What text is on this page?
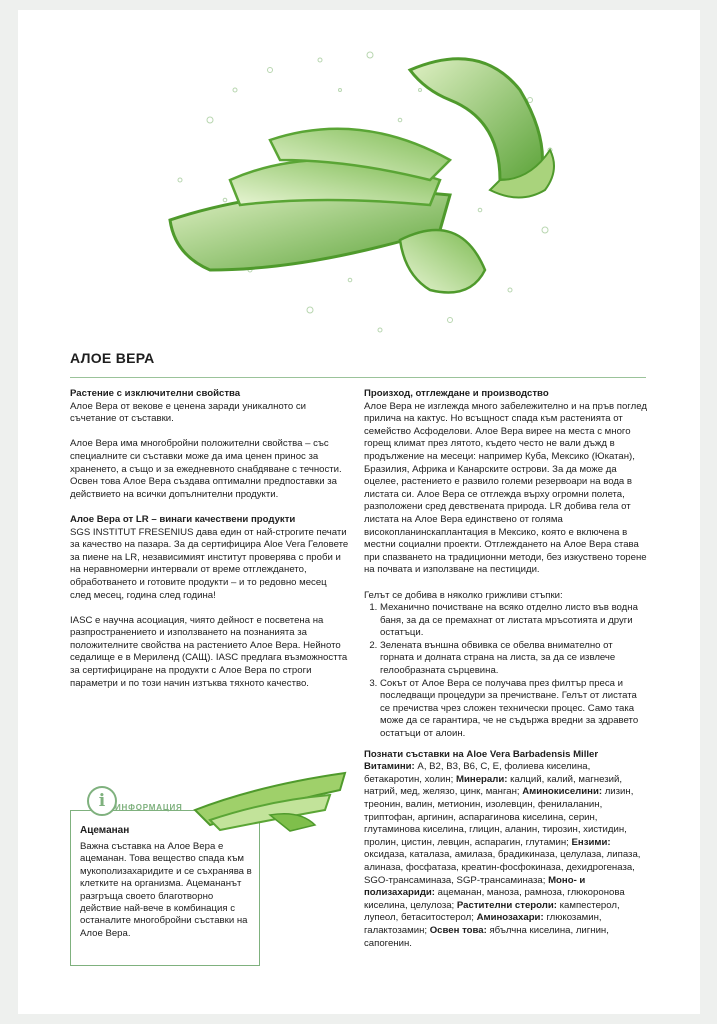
АЛОЕ ВЕРА
Растение с изключителни свойства

Алое Вера от векове е ценена заради уникалното си съчетание от съставки.

Алое Вера има многобройни положителни свойства – със специалните си съставки може да има ценен принос за храненето, а също и за ежедневното снабдяване с течности. Освен това Алое Вера създава оптимални предпоставки за действието на всички допълнителни продукти.

Алое Вера от LR – винаги качествени продукти

SGS INSTITUT FRESENIUS дава един от най-строгите печати за качество на пазара. За да сертифицира Aloe Vera Геловете за пиене на LR, независимият институт проверява с проби и на неравномерни интервали от време отглеждането, обработването и готовите продукти – и то редовно месец след месец, година след година!

IASC е научна асоциация, чиято дейност е посветена на разпространението и използването на познанията за положителните свойства на растението Алое Вера. Нейното седалище е в Мериленд (САЩ). IASC предлага възможността за сертифициране на продукти с Алое Вера по строги параметри и по този начин изтъква тяхното качество.

Произход, отглеждане и производство

Алое Вера не изглежда много забележително и на пръв поглед прилича на кактус. Но всъщност спада към растенията от семейство Асфоделови. Алое Вера вирее на места с много горещ климат през лятото, където често не вали дъжд в продължение на месеци: например Куба, Мексико (Юкатан), Бразилия, Африка и Канарските острови. За да може да оцелее, растението е развило големи резервоари на вода в листата си. Алое Вера се отглежда върху огромни полета, разположени сред девствената природа. LR добива гела от листата на Алое Вера единствено от голяма високопланинскаплантация в Мексико, която е включена в местни социални проекти. Отглеждането на Алое Вера става при спазването на традиционни методи, без изкуствено торене на почвата и използване на пестициди.

Гелът се добива в няколко грижливи стъпки:
1. Механично почистване на всяко отделно листо във водна баня, за да се премахнат от листата мръсотията и други остатъци.
2. Зелената външна обвивка се обелва внимателно от горната и долната страна на листа, за да се извлече гелообразната сърцевина.
3. Сокът от Алое Вера се получава през филтър преса и последващи процедури за пречистване. Гелът от листата се пречиства чрез сложен технически процес. Само така може да се гарантира, че не съдържа вредни за здравето остатъци от алоин.
Познати съставки на Aloe Vera Barbadensis Miller
Витамини: A, B2, B3, B6, C, E, фолиева киселина, бетакаротин, холин; Минерали: калций, калий, магнезий, натрий, мед, желязо, цинк, манган; Аминокиселини: лизин, треонин, валин, метионин, изолевцин, фенилаланин, триптофан, аргинин, аспарагинова киселина, серин, глутаминова киселина, глицин, аланин, тирозин, хистидин, пролин, цистин, левцин, аспарагин, глутамин; Ензими: оксидаза, каталаза, амилаза, брадикиназа, целулаза, липаза, алиназа, фосфатаза, креатин-фосфокиназа, дехидрогеназа, SGO-трансаминаза, SGP-трансаминаза; Моно- и полизахариди: ацеманан, маноза, рамноза, глюкоронова киселина, целулоза; Растителни стероли: кампестерол, лупеол, бетаситостерол; Аминозахари: глюкозамин, галактозамин; Освен това: ябълчна киселина, лигнин, сапогенин.
i	ИНФОРМАЦИЯ
Ацеманан
Важна съставка на Алое Вера е ацеманан. Това вещество спада към мукополизахаридите и се съхранява в клетките на организма. Ацемананът разгръща своето благотворно действие най-вече в комбинация с останалите многобройни съставки на Алое Вера.
